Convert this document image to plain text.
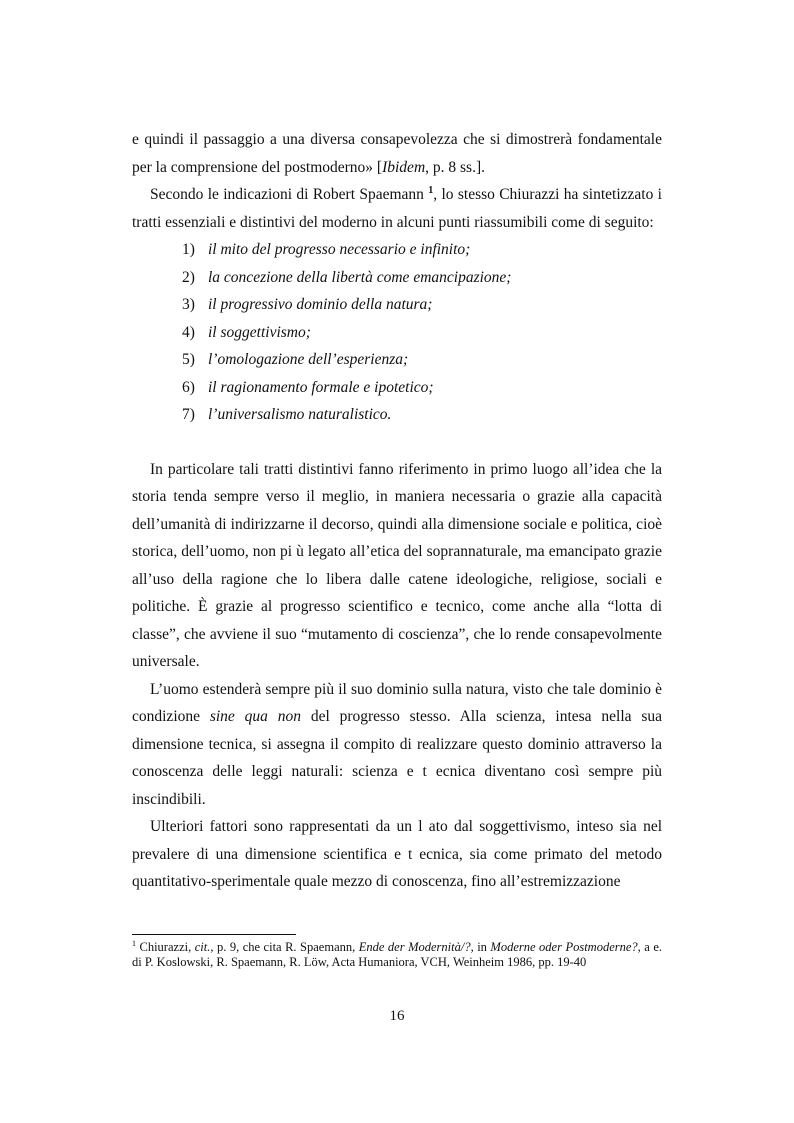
e quindi il passaggio a una diversa consapevolezza che si dimostrerà fondamentale per la comprensione del postmoderno» [Ibidem, p. 8 ss.].

Secondo le indicazioni di Robert Spaemann $^1$, lo stesso Chiurazzi ha sintetizzato i tratti essenziali e distintivi del moderno in alcuni punti riassumibili come di seguito:

1) il mito del progresso necessario e infinito;
2) la concezione della libertà come emancipazione;
3) il progressivo dominio della natura;
4) il soggettivismo;
5) l’omologazione dell’esperienza;
6) il ragionamento formale e ipotetico;
7) l’universalismo naturalistico.

In particolare tali tratti distintivi fanno riferimento in primo luogo all’idea che la storia tenda sempre verso il meglio, in maniera necessaria o grazie alla capacità dell’umanità di indirizzarne il decorso, quindi alla dimensione sociale e politica, cioè storica, dell’uomo, non pi ù legato all’etica del soprannaturale, ma emancipato grazie all’uso della ragione che lo libera dalle catene ideologiche, religiose, sociali e politiche. È grazie al progresso scientifico e tecnico, come anche alla “lotta di classe”, che avviene il suo “mutamento di coscienza”, che lo rende consapevolmente universale.

L’uomo estenderà sempre più il suo dominio sulla natura, visto che tale dominio è condizione sine qua non del progresso stesso. Alla scienza, intesa nella sua dimensione tecnica, si assegna il compito di realizzare questo dominio attraverso la conoscenza delle leggi naturali: scienza e t ecnica diventano così sempre più inscindibili.

Ulteriori fattori sono rappresentati da un l ato dal soggettivismo, inteso sia nel prevalere di una dimensione scientifica e t ecnica, sia come primato del metodo quantitativo-sperimentale quale mezzo di conoscenza, fino all’estremizzazione

$^1$ Chiurazzi, cit., p. 9, che cita R. Spaemann, Ende der Modernità/?, in Moderne oder Postmoderne?, a e. di P. Koslowski, R. Spaemann, R. Löw, Acta Humaniora, VCH, Weinheim 1986, pp. 19-40
16
